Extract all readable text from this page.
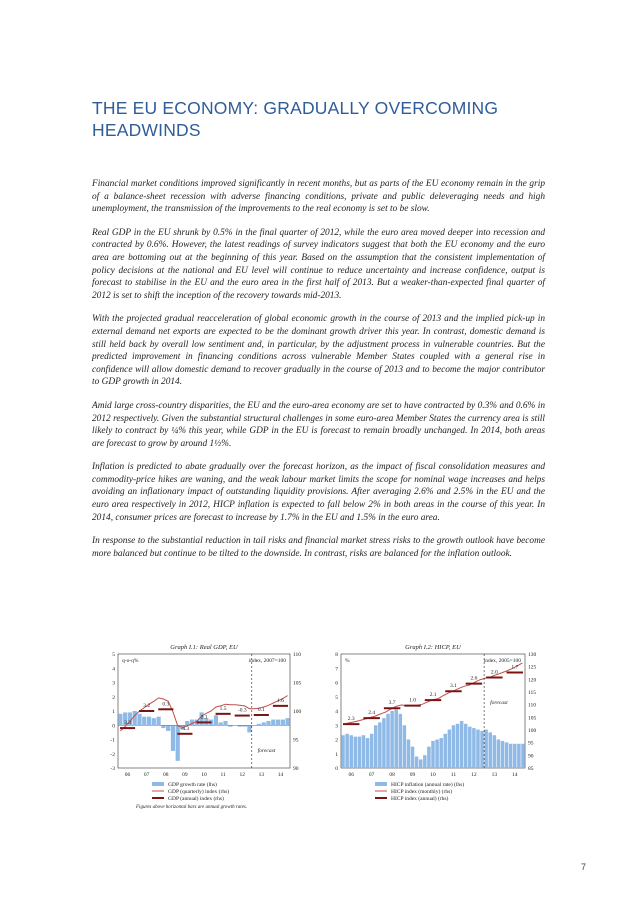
THE EU ECONOMY: GRADUALLY OVERCOMING HEADWINDS

Financial market conditions improved significantly in recent months, but as parts of the EU economy remain in the grip of a balance-sheet recession with adverse financing conditions, private and public deleveraging needs and high unemployment, the transmission of the improvements to the real economy is set to be slow.

Real GDP in the EU shrunk by 0.5% in the final quarter of 2012, while the euro area moved deeper into recession and contracted by 0.6%. However, the latest readings of survey indicators suggest that both the EU economy and the euro area are bottoming out at the beginning of this year. Based on the assumption that the consistent implementation of policy decisions at the national and EU level will continue to reduce uncertainty and increase confidence, output is forecast to stabilise in the EU and the euro area in the first half of 2013. But a weaker-than-expected final quarter of 2012 is set to shift the inception of the recovery towards mid-2013.

With the projected gradual reacceleration of global economic growth in the course of 2013 and the implied pick-up in external demand net exports are expected to be the dominant growth driver this year. In contrast, domestic demand is still held back by overall low sentiment and, in particular, by the adjustment process in vulnerable countries. But the predicted improvement in financing conditions across vulnerable Member States coupled with a general rise in confidence will allow domestic demand to recover gradually in the course of 2013 and to become the major contributor to GDP growth in 2014.

Amid large cross-country disparities, the EU and the euro-area economy are set to have contracted by 0.3% and 0.6% in 2012 respectively. Given the substantial structural challenges in some euro-area Member States the currency area is still likely to contract by ¼% this year, while GDP in the EU is forecast to remain broadly unchanged. In 2014, both areas are forecast to grow by around 1½%.

Inflation is predicted to abate gradually over the forecast horizon, as the impact of fiscal consolidation measures and commodity-price hikes are waning, and the weak labour market limits the scope for nominal wage increases and helps avoiding an inflationary impact of outstanding liquidity provisions. After averaging 2.6% and 2.5% in the EU and the euro area respectively in 2012, HICP inflation is expected to fall below 2% in both areas in the course of this year. In 2014, consumer prices are forecast to increase by 1.7% in the EU and 1.5% in the euro area.

In response to the substantial reduction in tail risks and financial market stress risks to the growth outlook have become more balanced but continue to be tilted to the downside. In contrast, risks are balanced for the inflation outlook.

Graph I.1: Real GDP, EU
5
4
3
2
1
0
-1
-2
-3
110
105
100
95
90
q-o-q%	index, 2007=100
3.3
3.2 0.3
-4.3
2.1
1.5 -0.3 0.1
1.6
forecast
06 07 08 09 10 11 12 13 14
GDP growth rate (lhs)
GDP (quarterly) index (rhs)
GDP (annual) index (rhs)
Figures above horizontal bars are annual growth rates.
Graph I.2: HICP, EU
8
7
6
5
4
3
2
1
0
130
125
120
115
110
105
100
95
90
85
%	index, 2005=100
2.3
2.4
3.7 1.0
2.1
3.1
2.6
2.0
1.7
forecast
06	07	08	09	10	11	12	13	14
HICP inflation (annual rate) (lhs)
HICP index (monthly) (rhs)
HICP index (annual) (rhs)
7
